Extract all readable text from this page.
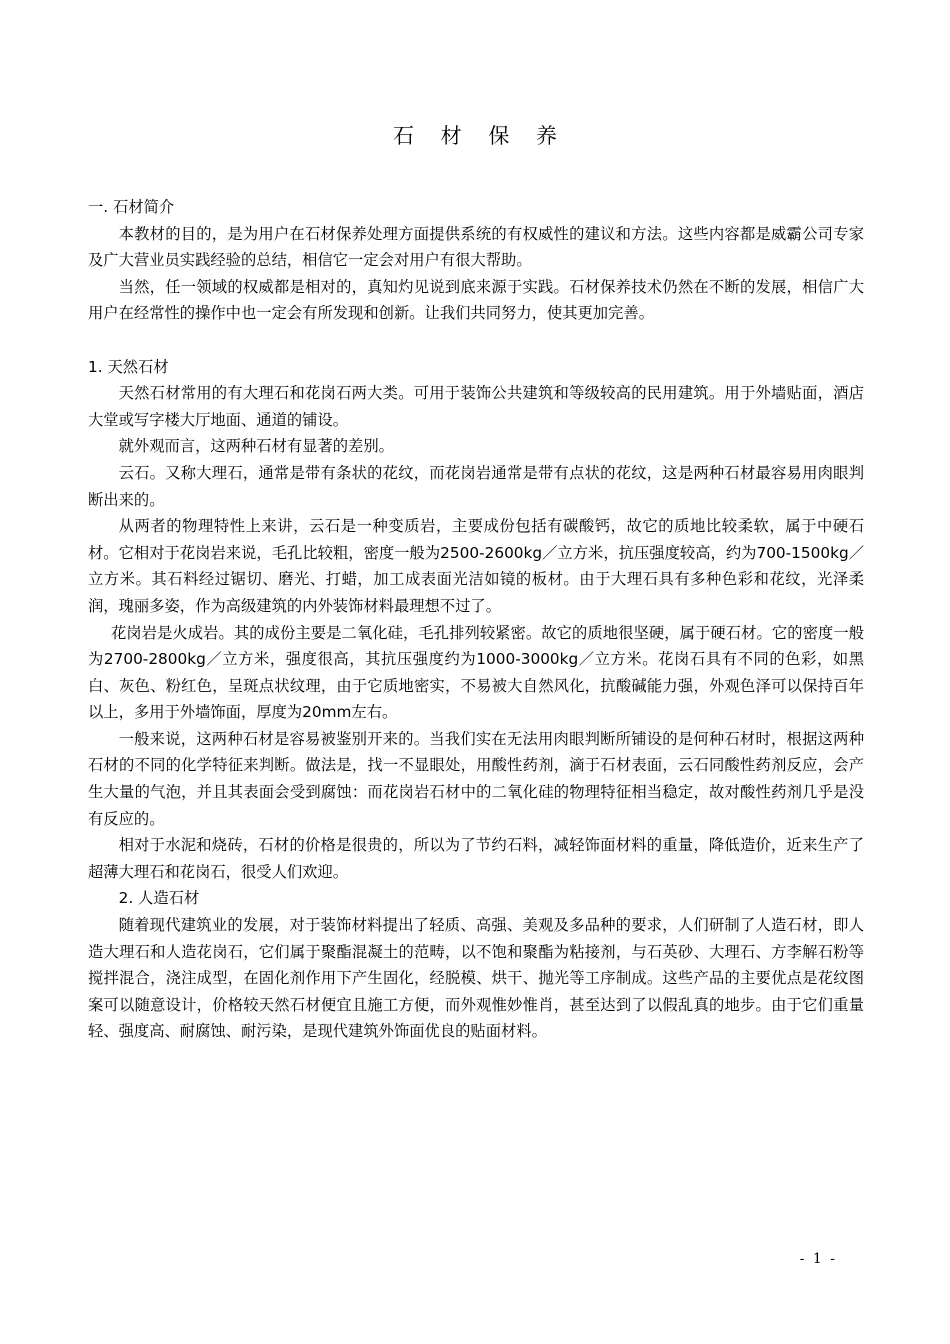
石 材 保 养

一. 石材简介

本教材的目的，是为用户在石材保养处理方面提供系统的有权威性的建议和方法。这些内容都是威霸公司专家及广大营业员实践经验的总结，相信它一定会对用户有很大帮助。

当然，任一领域的权威都是相对的，真知灼见说到底来源于实践。石材保养技术仍然在不断的发展，相信广大用户在经常性的操作中也一定会有所发现和创新。让我们共同努力，使其更加完善。

1. 天然石材

天然石材常用的有大理石和花岗石两大类。可用于装饰公共建筑和等级较高的民用建筑。用于外墙贴面，酒店大堂或写字楼大厅地面、通道的铺设。

就外观而言，这两种石材有显著的差别。

云石。又称大理石，通常是带有条状的花纹，而花岗岩通常是带有点状的花纹，这是两种石材最容易用肉眼判断出来的。

从两者的物理特性上来讲，云石是一种变质岩，主要成份包括有碳酸钙，故它的质地比较柔软，属于中硬石材。它相对于花岗岩来说，毛孔比较粗，密度一般为2500-2600kg／立方米，抗压强度较高，约为700-1500kg／立方米。其石料经过锯切、磨光、打蜡，加工成表面光洁如镜的板材。由于大理石具有多种色彩和花纹，光泽柔润，瑰丽多姿，作为高级建筑的内外装饰材料最理想不过了。

花岗岩是火成岩。其的成份主要是二氧化硅，毛孔排列较紧密。故它的质地很坚硬，属于硬石材。它的密度一般为2700-2800kg／立方米，强度很高，其抗压强度约为1000-3000kg／立方米。花岗石具有不同的色彩，如黑白、灰色、粉红色，呈斑点状纹理，由于它质地密实，不易被大自然风化，抗酸碱能力强，外观色泽可以保持百年以上，多用于外墙饰面，厚度为20mm左右。

一般来说，这两种石材是容易被鉴别开来的。当我们实在无法用肉眼判断所铺设的是何种石材时，根据这两种石材的不同的化学特征来判断。做法是，找一不显眼处，用酸性药剂，滴于石材表面，云石同酸性药剂反应，会产生大量的气泡，并且其表面会受到腐蚀：而花岗岩石材中的二氧化硅的物理特征相当稳定，故对酸性药剂几乎是没有反应的。

相对于水泥和烧砖，石材的价格是很贵的，所以为了节约石料，减轻饰面材料的重量，降低造价，近来生产了超薄大理石和花岗石，很受人们欢迎。

2. 人造石材

随着现代建筑业的发展，对于装饰材料提出了轻质、高强、美观及多品种的要求，人们研制了人造石材，即人造大理石和人造花岗石，它们属于聚酯混凝土的范畴，以不饱和聚酯为粘接剂，与石英砂、大理石、方李解石粉等搅拌混合，浇注成型，在固化剂作用下产生固化，经脱模、烘干、抛光等工序制成。这些产品的主要优点是花纹图案可以随意设计，价格较天然石材便宜且施工方便，而外观惟妙惟肖，甚至达到了以假乱真的地步。由于它们重量轻、强度高、耐腐蚀、耐污染，是现代建筑外饰面优良的贴面材料。

- 1 -
